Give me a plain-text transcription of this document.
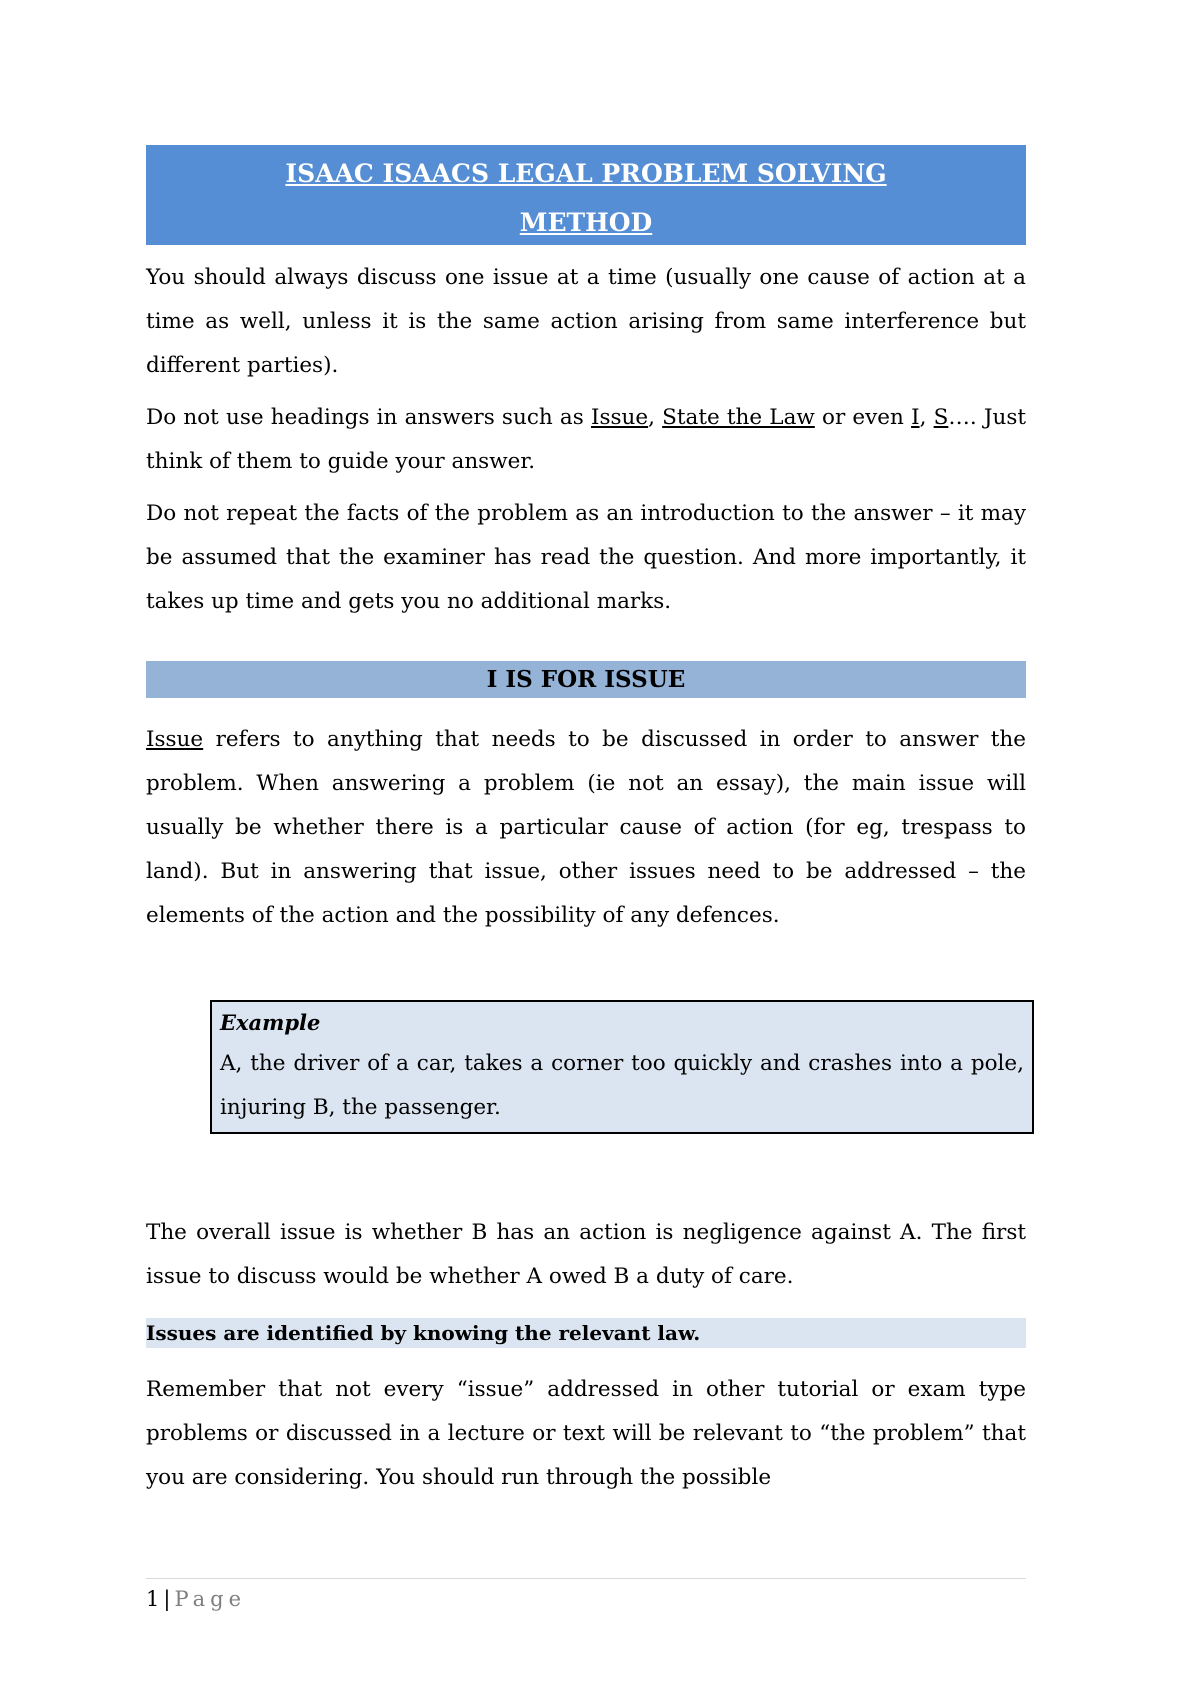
ISAAC ISAACS LEGAL PROBLEM SOLVING
METHOD

You should always discuss one issue at a time (usually one cause of action at a time as well, unless it is the same action arising from same interference but different parties).

Do not use headings in answers such as Issue, State the Law or even I, S…. Just think of them to guide your answer.

Do not repeat the facts of the problem as an introduction to the answer – it may be assumed that the examiner has read the question. And more importantly, it takes up time and gets you no additional marks.

I IS FOR ISSUE

Issue refers to anything that needs to be discussed in order to answer the problem. When answering a problem (ie not an essay), the main issue will usually be whether there is a particular cause of action (for eg, trespass to land). But in answering that issue, other issues need to be addressed – the elements of the action and the possibility of any defences.

Example

A, the driver of a car, takes a corner too quickly and crashes into a pole, injuring B, the passenger.

The overall issue is whether B has an action is negligence against A. The first issue to discuss would be whether A owed B a duty of care.

Issues are identified by knowing the relevant law.

Remember that not every “issue” addressed in other tutorial or exam type problems or discussed in a lecture or text will be relevant to “the problem” that you are considering. You should run through the possible

1 | Page
